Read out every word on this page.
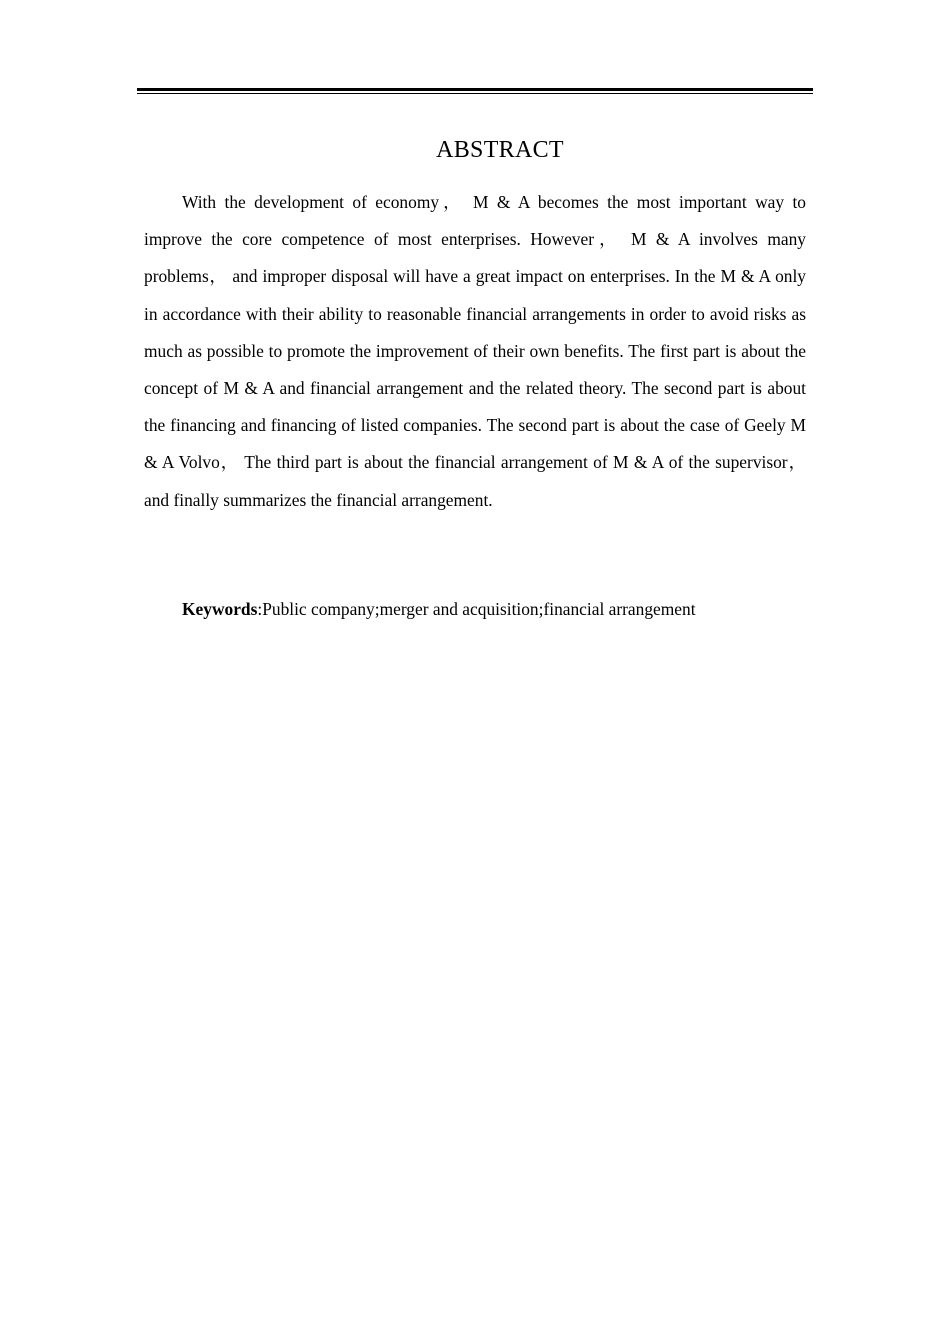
ABSTRACT

With the development of economy， M & A becomes the most important way to improve the core competence of most enterprises. However， M & A involves many problems， and improper disposal will have a great impact on enterprises. In the M & A only in accordance with their ability to reasonable financial arrangements in order to avoid risks as much as possible to promote the improvement of their own benefits. The first part is about the concept of M & A and financial arrangement and the related theory. The second part is about the financing and financing of listed companies. The second part is about the case of Geely M & A Volvo， The third part is about the financial arrangement of M & A of the supervisor， and finally summarizes the financial arrangement.

Keywords:Public company;merger and acquisition;financial arrangement
